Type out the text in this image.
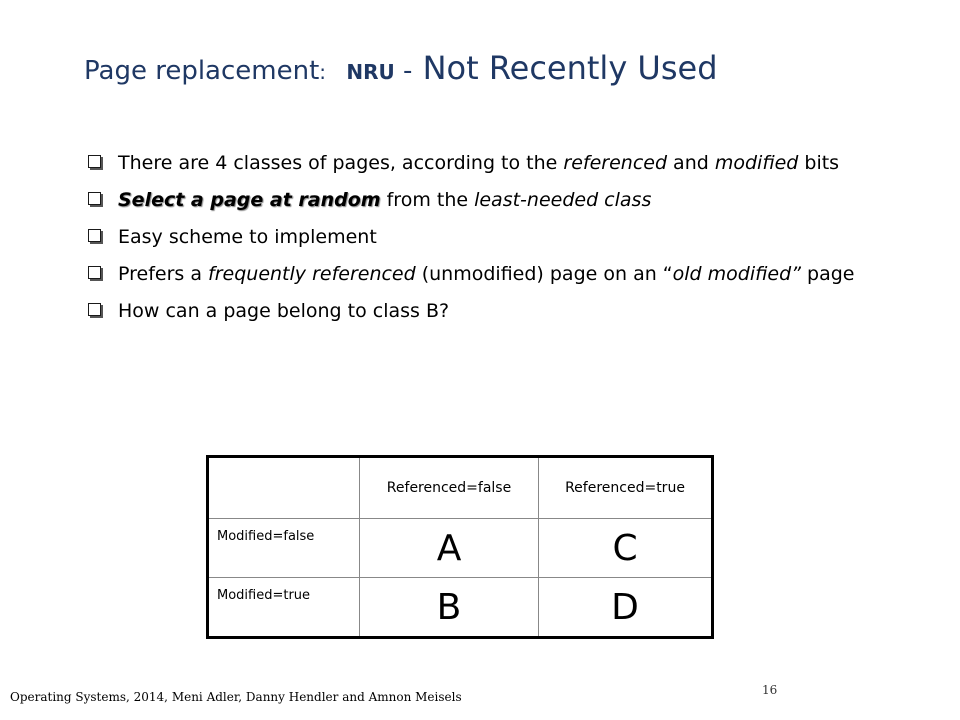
Page replacement: NRU - Not Recently Used
There are 4 classes of pages, according to the referenced and modified bits
Select a page at random from the least-needed class
Easy scheme to implement
Prefers a frequently referenced (unmodified) page on an “old modified” page
How can a page belong to class B?
	Referenced=false	Referenced=true
Modified=false	A	C
Modified=true	B	D
Operating Systems, 2014, Meni Adler, Danny Hendler and Amnon Meisels	16
